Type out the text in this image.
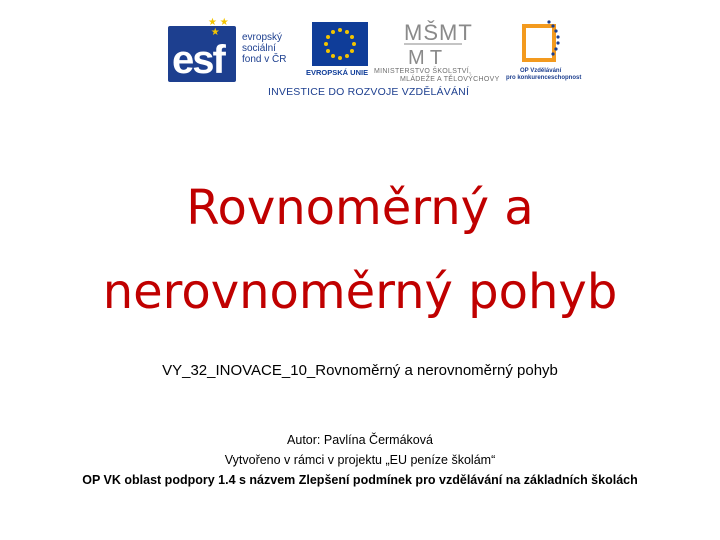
esf
★ ★
★	evropský
sociální
fond v ČR
EVROPSKÁ UNIE
MŠMT
M T
MINISTERSTVO ŠKOLSTVÍ,
MLÁDEŽE A TĚLOVÝCHOVY
OP Vzdělávání
pro konkurenceschopnost
INVESTICE DO ROZVOJE VZDĚLÁVÁNÍ
Rovnoměrný a
nerovnoměrný pohyb
VY_32_INOVACE_10_Rovnoměrný a nerovnoměrný pohyb
Autor: Pavlína Čermáková
Vytvořeno v rámci v projektu „EU peníze školám“
OP VK oblast podpory 1.4 s názvem Zlepšení podmínek pro vzdělávání na základních školách
